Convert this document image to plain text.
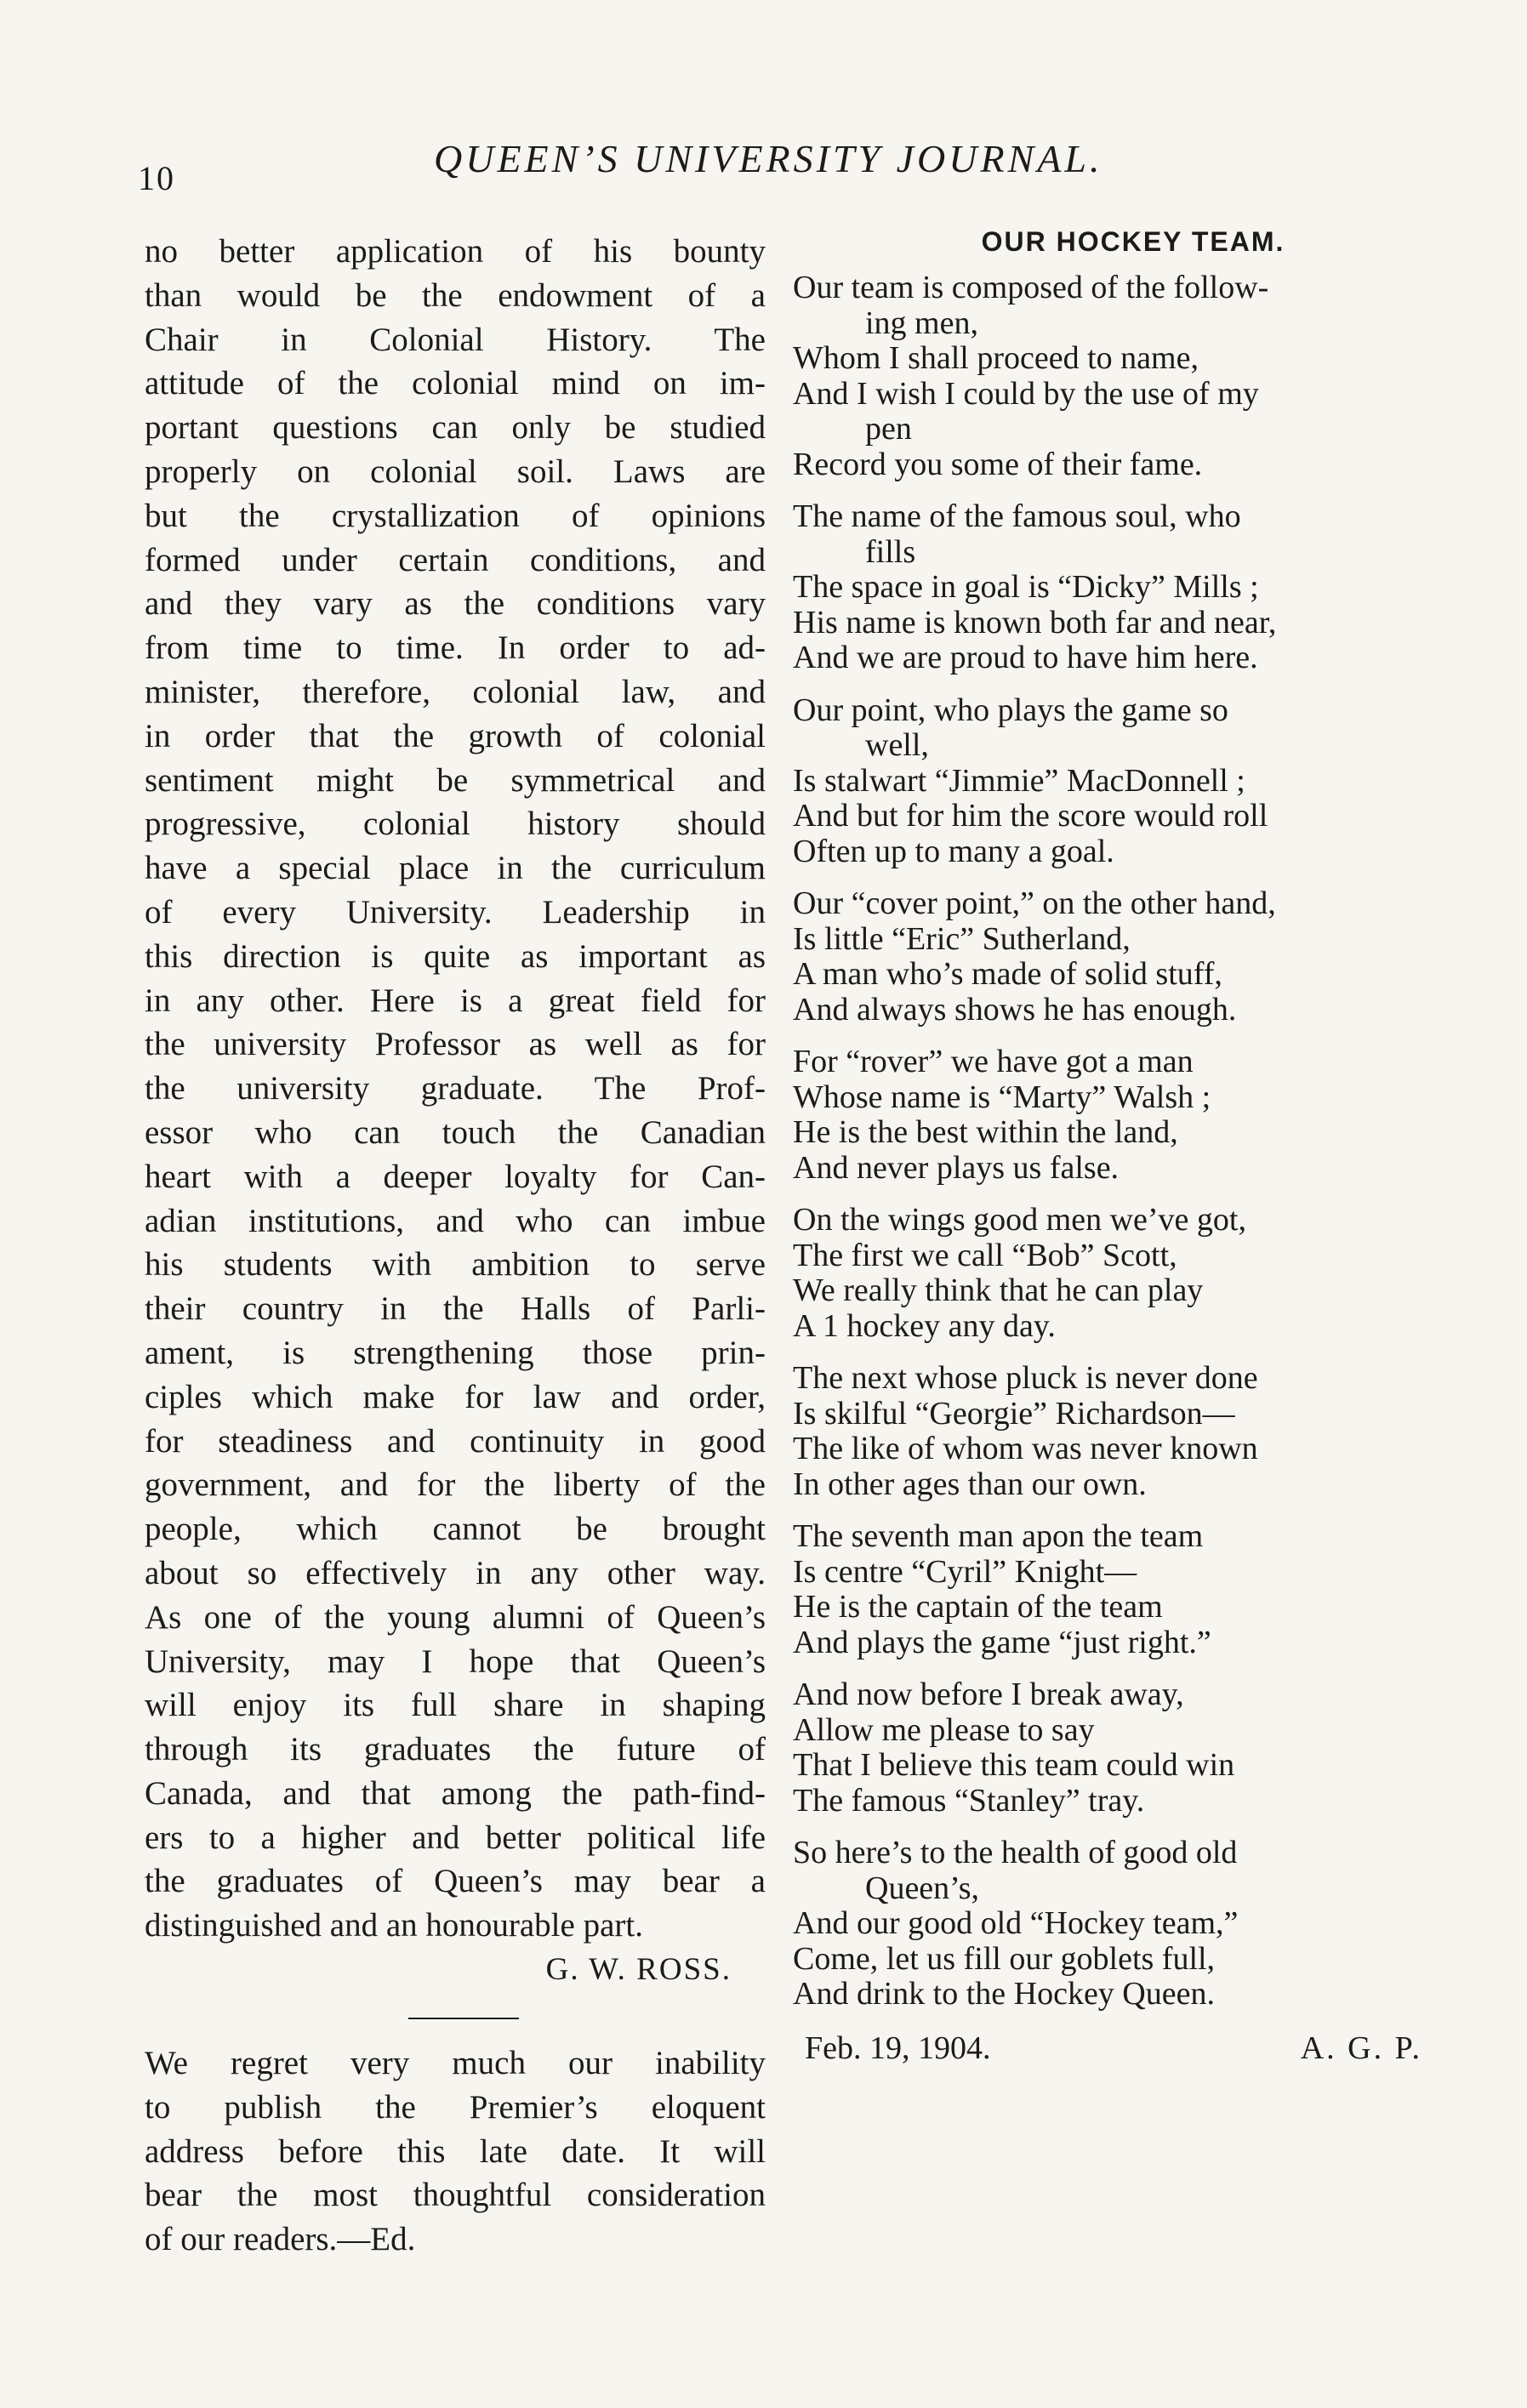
10	QUEEN’S UNIVERSITY JOURNAL.
no better application of his bounty
than would be the endowment of a
Chair in Colonial History. The
attitude of the colonial mind on im-
portant questions can only be studied
properly on colonial soil. Laws are
but the crystallization of opinions
formed under certain conditions, and
and they vary as the conditions vary
from time to time. In order to ad-
minister, therefore, colonial law, and
in order that the growth of colonial
sentiment might be symmetrical and
progressive, colonial history should
have a special place in the curriculum
of every University. Leadership in
this direction is quite as important as
in any other. Here is a great field for
the university Professor as well as for
the university graduate. The Prof-
essor who can touch the Canadian
heart with a deeper loyalty for Can-
adian institutions, and who can imbue
his students with ambition to serve
their country in the Halls of Parli-
ament, is strengthening those prin-
ciples which make for law and order,
for steadiness and continuity in good
government, and for the liberty of the
people, which cannot be brought
about so effectively in any other way.
As one of the young alumni of Queen’s
University, may I hope that Queen’s
will enjoy its full share in shaping
through its graduates the future of
Canada, and that among the path-find-
ers to a higher and better political life
the graduates of Queen’s may bear a
distinguished and an honourable part.
G. W. ROSS.
We regret very much our inability
to publish the Premier’s eloquent
address before this late date. It will
bear the most thoughtful consideration
of our readers.—Ed.
OUR HOCKEY TEAM.
Our team is composed of the follow-
ing men,
Whom I shall proceed to name,
And I wish I could by the use of my
pen
Record you some of their fame.
The name of the famous soul, who
fills
The space in goal is “Dicky” Mills ;
His name is known both far and near,
And we are proud to have him here.
Our point, who plays the game so
well,
Is stalwart “Jimmie” MacDonnell ;
And but for him the score would roll
Often up to many a goal.
Our “cover point,” on the other hand,
Is little “Eric” Sutherland,
A man who’s made of solid stuff,
And always shows he has enough.
For “rover” we have got a man
Whose name is “Marty” Walsh ;
He is the best within the land,
And never plays us false.
On the wings good men we’ve got,
The first we call “Bob” Scott,
We really think that he can play
A 1 hockey any day.
The next whose pluck is never done
Is skilful “Georgie” Richardson—
The like of whom was never known
In other ages than our own.
The seventh man apon the team
Is centre “Cyril” Knight—
He is the captain of the team
And plays the game “just right.”
And now before I break away,
Allow me please to say
That I believe this team could win
The famous “Stanley” tray.
So here’s to the health of good old
Queen’s,
And our good old “Hockey team,”
Come, let us fill our goblets full,
And drink to the Hockey Queen.
Feb. 19, 1904.	A. G. P.
